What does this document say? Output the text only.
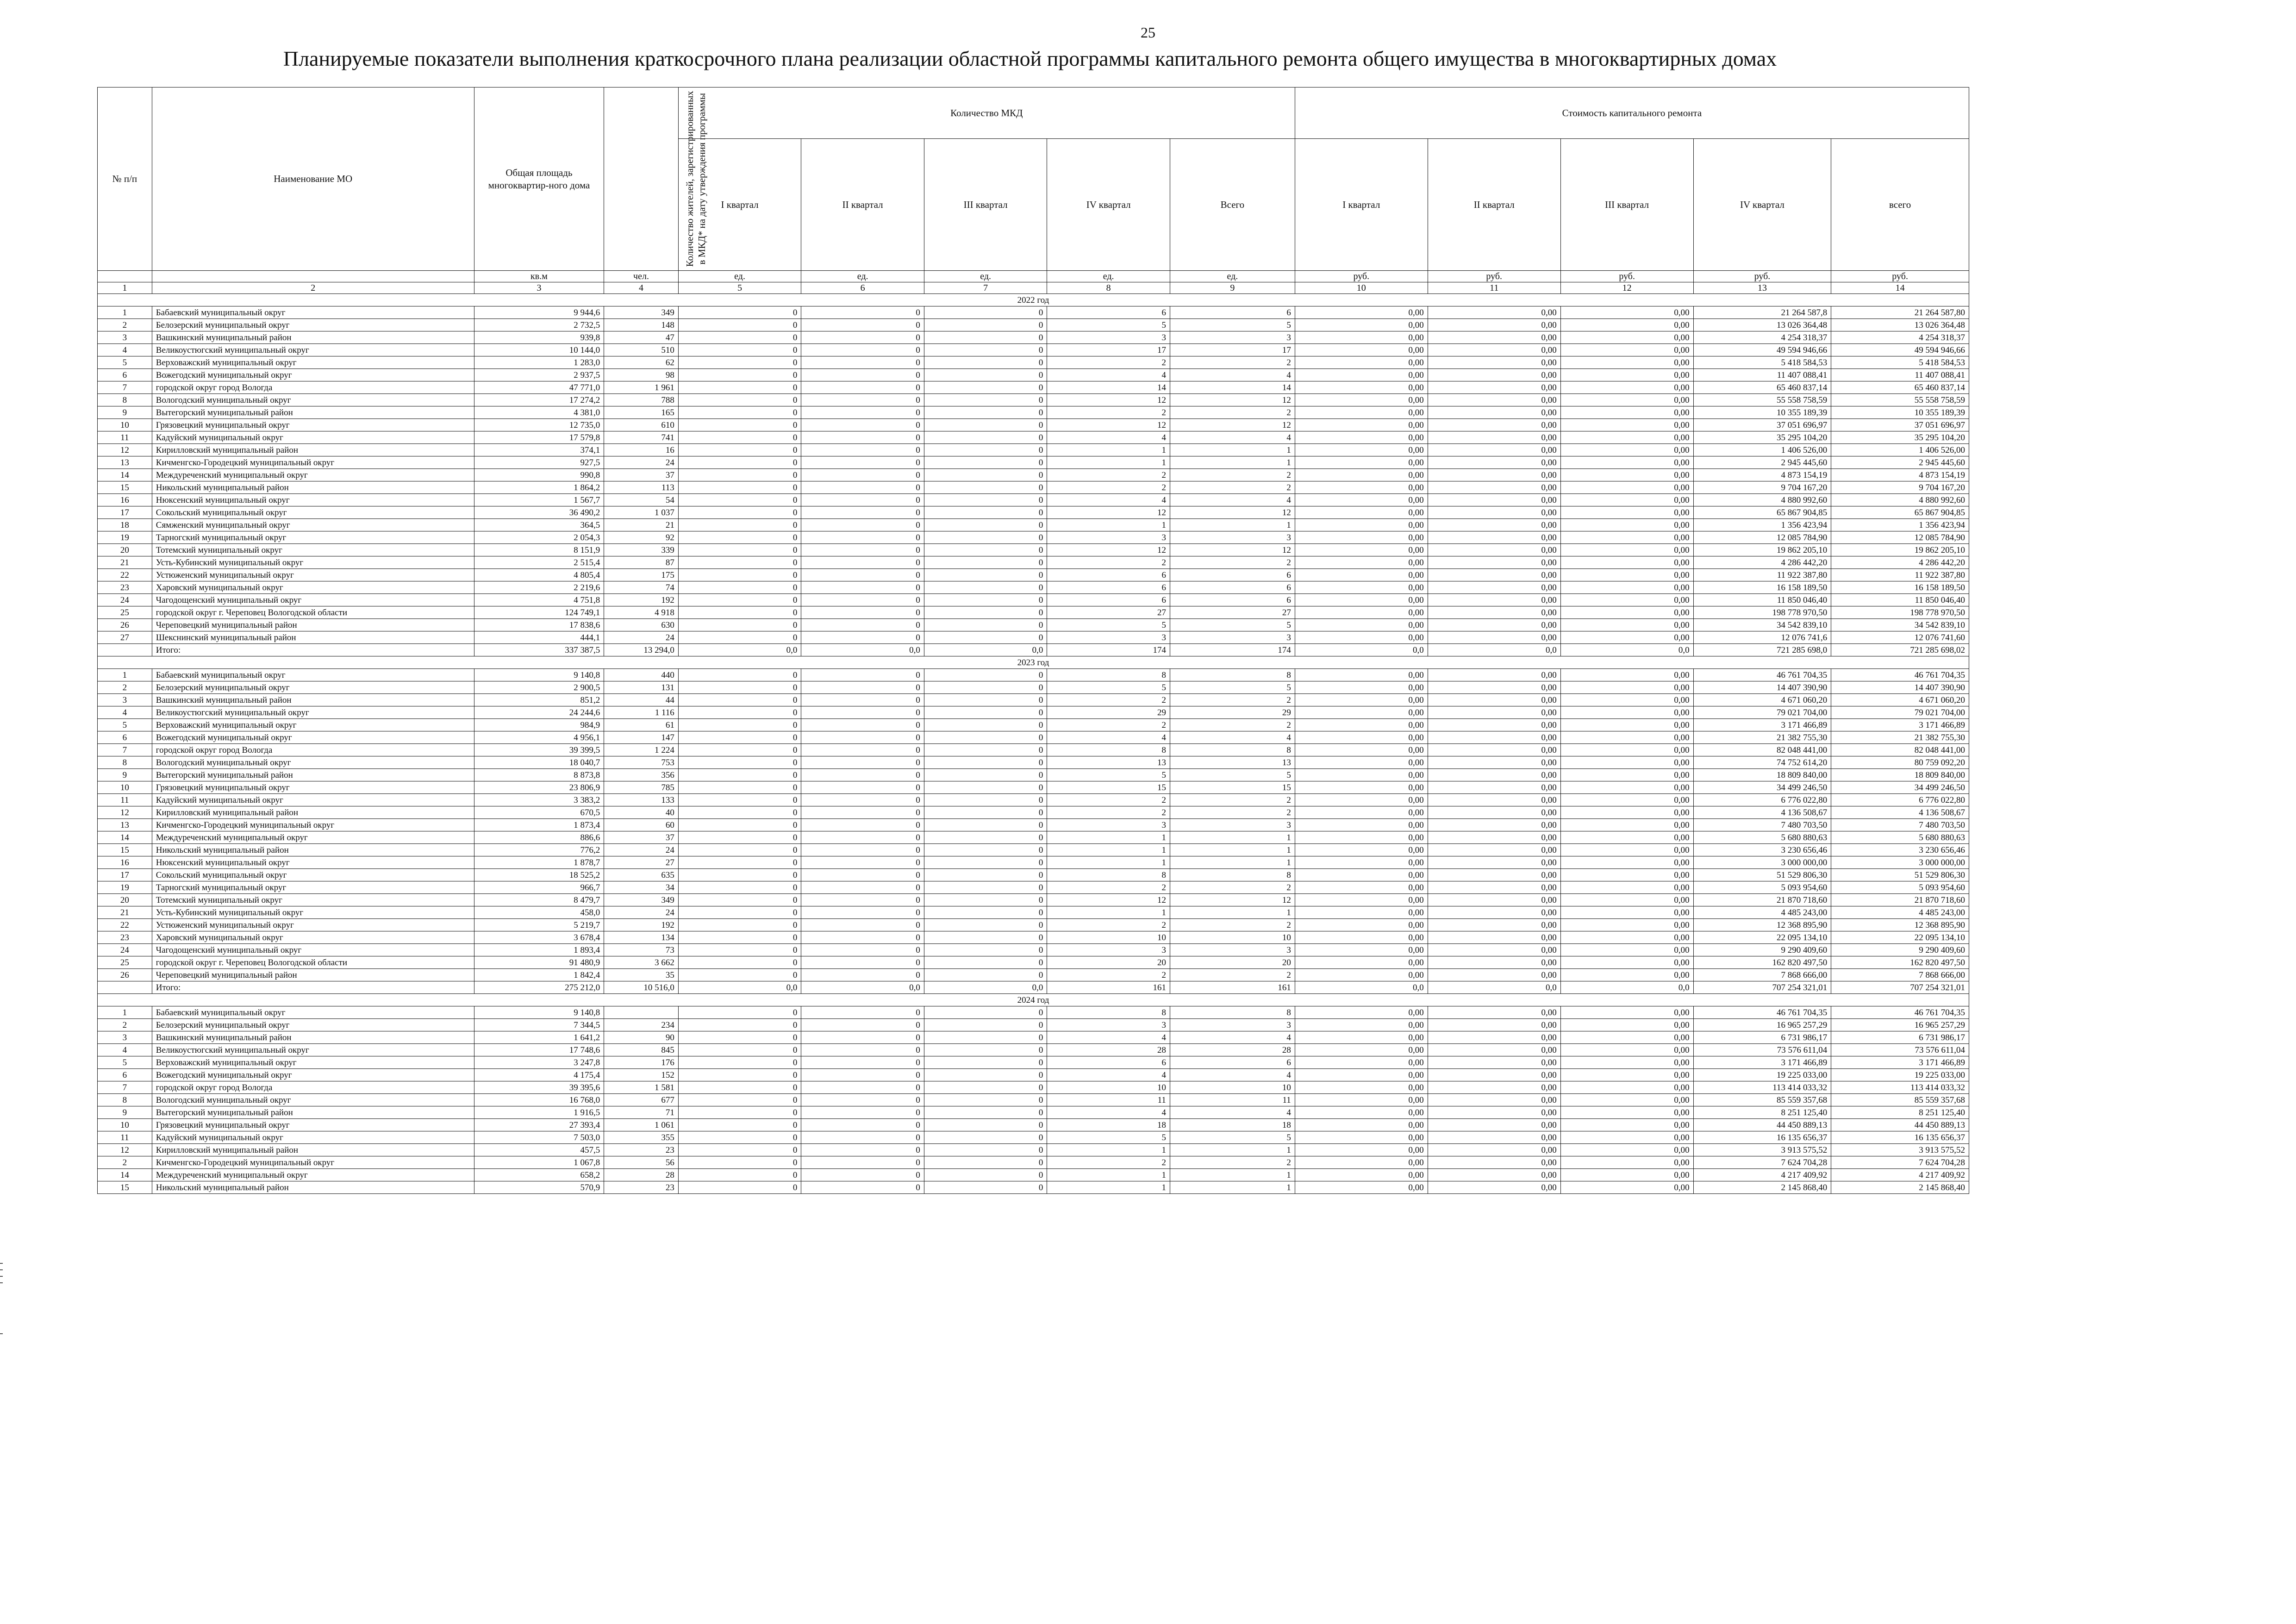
25
Планируемые показатели выполнения краткосрочного плана реализации областной программы капитального ремонта общего имущества в многоквартирных домах
№ п/п	Наименование МО	Общая площадь многоквартир-ного дома	Количество жителей, зарегистрированных в МКД* на дату утверждения программы	Количество МКД					Стоимость капитального ремонта				
				I квартал	II квартал	III квартал	IV квартал	Всего	I квартал	II квартал	III квартал	IV квартал	всего
		кв.м	чел.	ед.	ед.	ед.	ед.	ед.	руб.	руб.	руб.	руб.	руб.
1	2	3	4	5	6	7	8	9	10	11	12	13	14
2022 год													
1	Бабаевский муниципальный округ	9 944,6	349	0	0	0	6	6	0,00	0,00	0,00	21 264 587,8	21 264 587,80
2	Белозерский муниципальный округ	2 732,5	148	0	0	0	5	5	0,00	0,00	0,00	13 026 364,48	13 026 364,48
3	Вашкинский муниципальный район	939,8	47	0	0	0	3	3	0,00	0,00	0,00	4 254 318,37	4 254 318,37
4	Великоустюгский муниципальный округ	10 144,0	510	0	0	0	17	17	0,00	0,00	0,00	49 594 946,66	49 594 946,66
5	Верховажский муниципальный округ	1 283,0	62	0	0	0	2	2	0,00	0,00	0,00	5 418 584,53	5 418 584,53
6	Вожегодский муниципальный округ	2 937,5	98	0	0	0	4	4	0,00	0,00	0,00	11 407 088,41	11 407 088,41
7	городской округ город Вологда	47 771,0	1 961	0	0	0	14	14	0,00	0,00	0,00	65 460 837,14	65 460 837,14
8	Вологодский муниципальный округ	17 274,2	788	0	0	0	12	12	0,00	0,00	0,00	55 558 758,59	55 558 758,59
9	Вытегорский муниципальный район	4 381,0	165	0	0	0	2	2	0,00	0,00	0,00	10 355 189,39	10 355 189,39
10	Грязовецкий муниципальный округ	12 735,0	610	0	0	0	12	12	0,00	0,00	0,00	37 051 696,97	37 051 696,97
11	Кадуйский муниципальный округ	17 579,8	741	0	0	0	4	4	0,00	0,00	0,00	35 295 104,20	35 295 104,20
12	Кирилловский муниципальный район	374,1	16	0	0	0	1	1	0,00	0,00	0,00	1 406 526,00	1 406 526,00
13	Кичменгско-Городецкий муниципальный округ	927,5	24	0	0	0	1	1	0,00	0,00	0,00	2 945 445,60	2 945 445,60
14	Междуреченский муниципальный округ	990,8	37	0	0	0	2	2	0,00	0,00	0,00	4 873 154,19	4 873 154,19
15	Никольский муниципальный район	1 864,2	113	0	0	0	2	2	0,00	0,00	0,00	9 704 167,20	9 704 167,20
16	Нюксенский муниципальный округ	1 567,7	54	0	0	0	4	4	0,00	0,00	0,00	4 880 992,60	4 880 992,60
17	Сокольский муниципальный округ	36 490,2	1 037	0	0	0	12	12	0,00	0,00	0,00	65 867 904,85	65 867 904,85
18	Сямженский муниципальный округ	364,5	21	0	0	0	1	1	0,00	0,00	0,00	1 356 423,94	1 356 423,94
19	Тарногский муниципальный округ	2 054,3	92	0	0	0	3	3	0,00	0,00	0,00	12 085 784,90	12 085 784,90
20	Тотемский муниципальный округ	8 151,9	339	0	0	0	12	12	0,00	0,00	0,00	19 862 205,10	19 862 205,10
21	Усть-Кубинский муниципальный округ	2 515,4	87	0	0	0	2	2	0,00	0,00	0,00	4 286 442,20	4 286 442,20
22	Устюженский муниципальный округ	4 805,4	175	0	0	0	6	6	0,00	0,00	0,00	11 922 387,80	11 922 387,80
23	Харовский муниципальный округ	2 219,6	74	0	0	0	6	6	0,00	0,00	0,00	16 158 189,50	16 158 189,50
24	Чагодощенский муниципальный округ	4 751,8	192	0	0	0	6	6	0,00	0,00	0,00	11 850 046,40	11 850 046,40
25	городской округ г. Череповец Вологодской области	124 749,1	4 918	0	0	0	27	27	0,00	0,00	0,00	198 778 970,50	198 778 970,50
26	Череповецкий муниципальный район	17 838,6	630	0	0	0	5	5	0,00	0,00	0,00	34 542 839,10	34 542 839,10
27	Шекснинский муниципальный район	444,1	24	0	0	0	3	3	0,00	0,00	0,00	12 076 741,6	12 076 741,60
	Итого:	337 387,5	13 294,0	0,0	0,0	0,0	174	174	0,0	0,0	0,0	721 285 698,0	721 285 698,02
2023 год													
1	Бабаевский муниципальный округ	9 140,8	440	0	0	0	8	8	0,00	0,00	0,00	46 761 704,35	46 761 704,35
2	Белозерский муниципальный округ	2 900,5	131	0	0	0	5	5	0,00	0,00	0,00	14 407 390,90	14 407 390,90
3	Вашкинский муниципальный район	851,2	44	0	0	0	2	2	0,00	0,00	0,00	4 671 060,20	4 671 060,20
4	Великоустюгский муниципальный округ	24 244,6	1 116	0	0	0	29	29	0,00	0,00	0,00	79 021 704,00	79 021 704,00
5	Верховажский муниципальный округ	984,9	61	0	0	0	2	2	0,00	0,00	0,00	3 171 466,89	3 171 466,89
6	Вожегодский муниципальный округ	4 956,1	147	0	0	0	4	4	0,00	0,00	0,00	21 382 755,30	21 382 755,30
7	городской округ город Вологда	39 399,5	1 224	0	0	0	8	8	0,00	0,00	0,00	82 048 441,00	82 048 441,00
8	Вологодский муниципальный округ	18 040,7	753	0	0	0	13	13	0,00	0,00	0,00	74 752 614,20	80 759 092,20
9	Вытегорский муниципальный район	8 873,8	356	0	0	0	5	5	0,00	0,00	0,00	18 809 840,00	18 809 840,00
10	Грязовецкий муниципальный округ	23 806,9	785	0	0	0	15	15	0,00	0,00	0,00	34 499 246,50	34 499 246,50
11	Кадуйский муниципальный округ	3 383,2	133	0	0	0	2	2	0,00	0,00	0,00	6 776 022,80	6 776 022,80
12	Кирилловский муниципальный район	670,5	40	0	0	0	2	2	0,00	0,00	0,00	4 136 508,67	4 136 508,67
13	Кичменгско-Городецкий муниципальный округ	1 873,4	60	0	0	0	3	3	0,00	0,00	0,00	7 480 703,50	7 480 703,50
14	Междуреченский муниципальный округ	886,6	37	0	0	0	1	1	0,00	0,00	0,00	5 680 880,63	5 680 880,63
15	Никольский муниципальный район	776,2	24	0	0	0	1	1	0,00	0,00	0,00	3 230 656,46	3 230 656,46
16	Нюксенский муниципальный округ	1 878,7	27	0	0	0	1	1	0,00	0,00	0,00	3 000 000,00	3 000 000,00
17	Сокольский муниципальный округ	18 525,2	635	0	0	0	8	8	0,00	0,00	0,00	51 529 806,30	51 529 806,30
19	Тарногский муниципальный округ	966,7	34	0	0	0	2	2	0,00	0,00	0,00	5 093 954,60	5 093 954,60
20	Тотемский муниципальный округ	8 479,7	349	0	0	0	12	12	0,00	0,00	0,00	21 870 718,60	21 870 718,60
21	Усть-Кубинский муниципальный округ	458,0	24	0	0	0	1	1	0,00	0,00	0,00	4 485 243,00	4 485 243,00
22	Устюженский муниципальный округ	5 219,7	192	0	0	0	2	2	0,00	0,00	0,00	12 368 895,90	12 368 895,90
23	Харовский муниципальный округ	3 678,4	134	0	0	0	10	10	0,00	0,00	0,00	22 095 134,10	22 095 134,10
24	Чагодощенский муниципальный округ	1 893,4	73	0	0	0	3	3	0,00	0,00	0,00	9 290 409,60	9 290 409,60
25	городской округ г. Череповец Вологодской области	91 480,9	3 662	0	0	0	20	20	0,00	0,00	0,00	162 820 497,50	162 820 497,50
26	Череповецкий муниципальный район	1 842,4	35	0	0	0	2	2	0,00	0,00	0,00	7 868 666,00	7 868 666,00
	Итого:	275 212,0	10 516,0	0,0	0,0	0,0	161	161	0,0	0,0	0,0	707 254 321,01	707 254 321,01
2024 год													
1	Бабаевский муниципальный округ	9 140,8		0	0	0	8	8	0,00	0,00	0,00	46 761 704,35	46 761 704,35
2	Белозерский муниципальный округ	7 344,5	234	0	0	0	3	3	0,00	0,00	0,00	16 965 257,29	16 965 257,29
3	Вашкинский муниципальный район	1 641,2	90	0	0	0	4	4	0,00	0,00	0,00	6 731 986,17	6 731 986,17
4	Великоустюгский муниципальный округ	17 748,6	845	0	0	0	28	28	0,00	0,00	0,00	73 576 611,04	73 576 611,04
5	Верховажский муниципальный округ	3 247,8	176	0	0	0	6	6	0,00	0,00	0,00	3 171 466,89	3 171 466,89
6	Вожегодский муниципальный округ	4 175,4	152	0	0	0	4	4	0,00	0,00	0,00	19 225 033,00	19 225 033,00
7	городской округ город Вологда	39 395,6	1 581	0	0	0	10	10	0,00	0,00	0,00	113 414 033,32	113 414 033,32
8	Вологодский муниципальный округ	16 768,0	677	0	0	0	11	11	0,00	0,00	0,00	85 559 357,68	85 559 357,68
9	Вытегорский муниципальный район	1 916,5	71	0	0	0	4	4	0,00	0,00	0,00	8 251 125,40	8 251 125,40
10	Грязовецкий муниципальный округ	27 393,4	1 061	0	0	0	18	18	0,00	0,00	0,00	44 450 889,13	44 450 889,13
11	Кадуйский муниципальный округ	7 503,0	355	0	0	0	5	5	0,00	0,00	0,00	16 135 656,37	16 135 656,37
12	Кирилловский муниципальный район	457,5	23	0	0	0	1	1	0,00	0,00	0,00	3 913 575,52	3 913 575,52
2	Кичменгско-Городецкий муниципальный округ	1 067,8	56	0	0	0	2	2	0,00	0,00	0,00	7 624 704,28	7 624 704,28
14	Междуреченский муниципальный округ	658,2	28	0	0	0	1	1	0,00	0,00	0,00	4 217 409,92	4 217 409,92
15	Никольский муниципальный район	570,9	23	0	0	0	1	1	0,00	0,00	0,00	2 145 868,40	2 145 868,40
